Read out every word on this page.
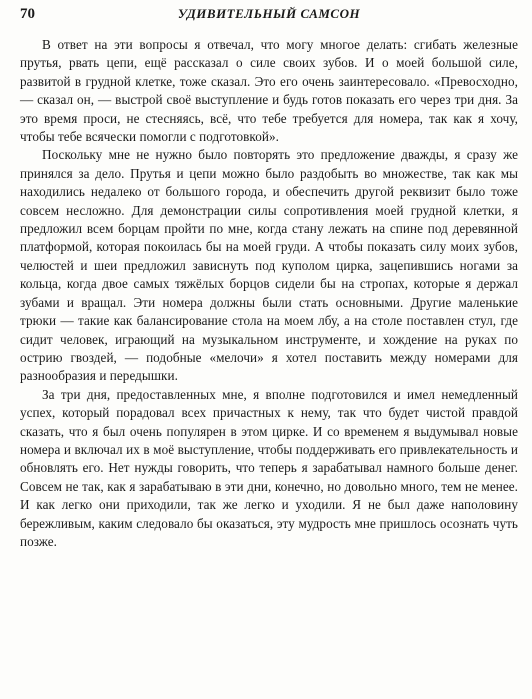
70	УДИВИТЕЛЬНЫЙ САМСОН

В ответ на эти вопросы я отвечал, что могу многое делать: сгибать железные прутья, рвать цепи, ещё рассказал о силе своих зубов. И о моей большой силе, развитой в грудной клетке, тоже сказал. Это его очень заинтересовало. «Превосходно, — сказал он, — выстрой своё выступление и будь готов показать его через три дня. За это время проси, не стесняясь, всё, что тебе требуется для номера, так как я хочу, чтобы тебе всячески помогли с подготовкой».

Поскольку мне не нужно было повторять это предложение дважды, я сразу же принялся за дело. Прутья и цепи можно было раздобыть во множестве, так как мы находились недалеко от большого города, и обеспечить другой реквизит было тоже совсем несложно. Для демонстрации силы сопротивления моей грудной клетки, я предложил всем борцам пройти по мне, когда стану лежать на спине под деревянной платформой, которая покоилась бы на моей груди. А чтобы показать силу моих зубов, челюстей и шеи предложил зависнуть под куполом цирка, зацепившись ногами за кольца, когда двое самых тяжёлых борцов сидели бы на стропах, которые я держал зубами и вращал. Эти номера должны были стать основными. Другие маленькие трюки — такие как балансирование стола на моем лбу, а на столе поставлен стул, где сидит человек, играющий на музыкальном инструменте, и хождение на руках по острию гвоздей, — подобные «мелочи» я хотел поставить между номерами для разнообразия и передышки.

За три дня, предоставленных мне, я вполне подготовился и имел немедленный успех, который порадовал всех причастных к нему, так что будет чистой правдой сказать, что я был очень популярен в этом цирке. И со временем я выдумывал новые номера и включал их в моё выступление, чтобы поддерживать его привлекательность и обновлять его. Нет нужды говорить, что теперь я зарабатывал намного больше денег. Совсем не так, как я зарабатываю в эти дни, конечно, но довольно много, тем не менее. И как легко они приходили, так же легко и уходили. Я не был даже наполовину бережливым, каким следовало бы оказаться, эту мудрость мне пришлось осознать чуть позже.
